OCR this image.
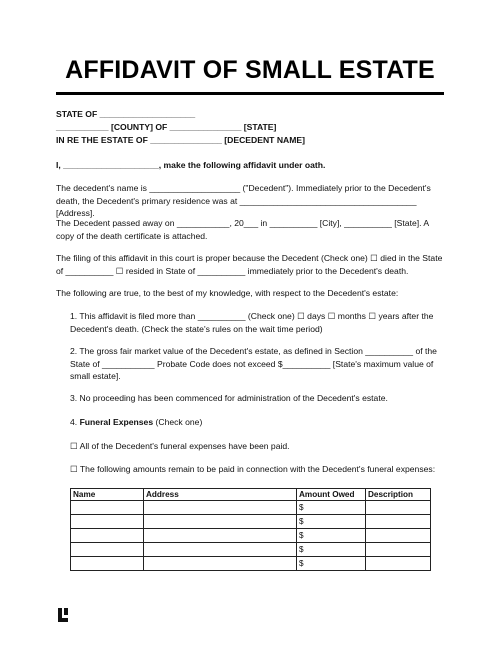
AFFIDAVIT OF SMALL ESTATE
STATE OF ____________________
___________ [COUNTY] OF _______________ [STATE]
IN RE THE ESTATE OF _______________ [DECEDENT NAME]
I, ____________________, make the following affidavit under oath.
The decedent's name is ___________________ ("Decedent"). Immediately prior to the Decedent's death, the Decedent's primary residence was at _____________________________________ [Address].
The Decedent passed away on ___________, 20___ in __________ [City], __________ [State]. A copy of the death certificate is attached.
The filing of this affidavit in this court is proper because the Decedent (Check one) ☐ died in the State of __________ ☐ resided in State of __________ immediately prior to the Decedent's death.
The following are true, to the best of my knowledge, with respect to the Decedent's estate:
1. This affidavit is filed more than __________ (Check one) ☐ days ☐ months ☐ years after the Decedent's death. (Check the state's rules on the wait time period)
2. The gross fair market value of the Decedent's estate, as defined in Section __________ of the State of ___________ Probate Code does not exceed $__________ [State's maximum value of small estate].
3. No proceeding has been commenced for administration of the Decedent's estate.
4. Funeral Expenses (Check one)
☐ All of the Decedent's funeral expenses have been paid.
☐ The following amounts remain to be paid in connection with the Decedent's funeral expenses:
Name	Address	Amount Owed	Description
		$	
		$	
		$	
		$	
		$	
